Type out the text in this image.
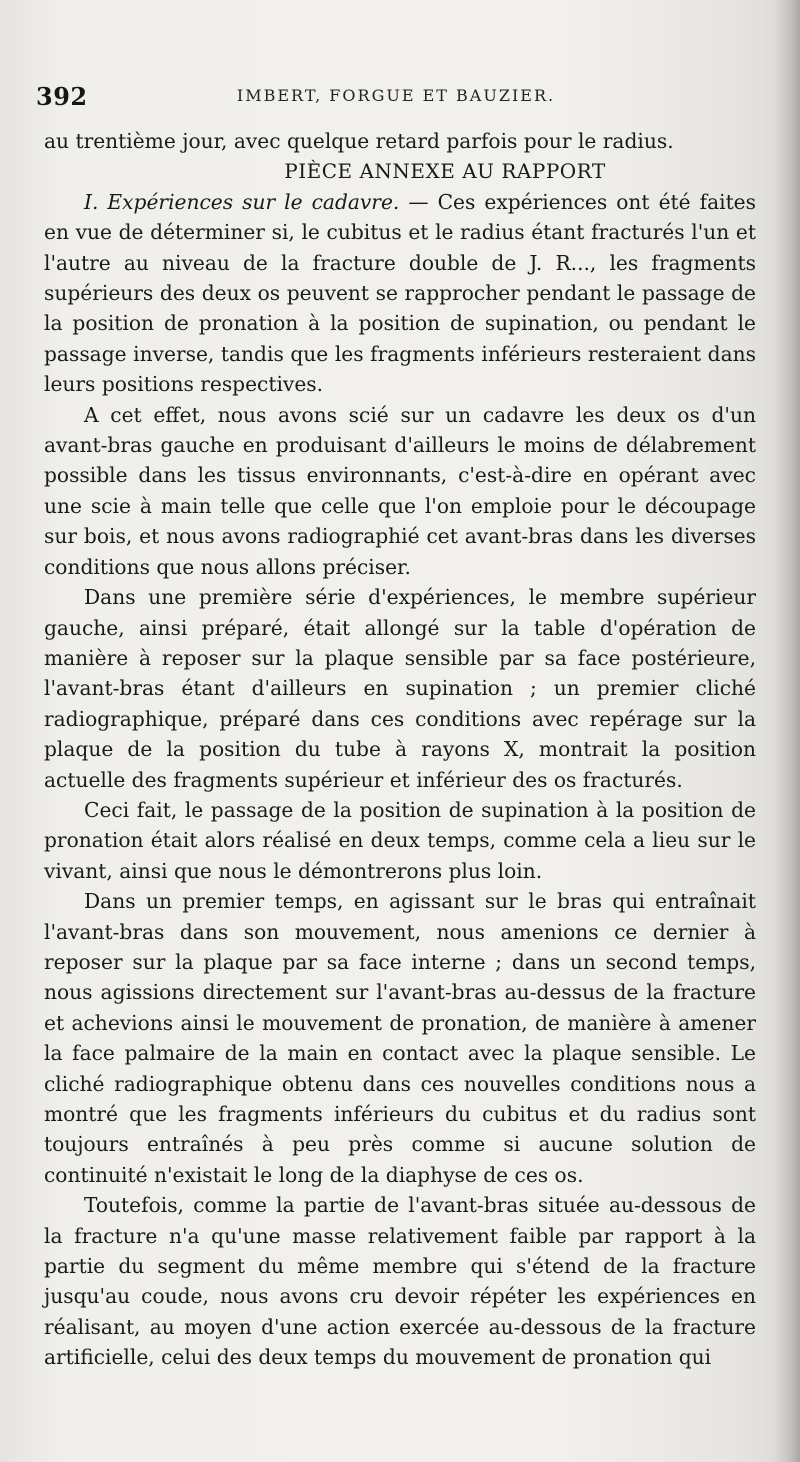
392	IMBERT, FORGUE ET BAUZIER.

au trentième jour, avec quelque retard parfois pour le radius.

PIÈCE ANNEXE AU RAPPORT

I. Expériences sur le cadavre. — Ces expériences ont été faites en vue de déterminer si, le cubitus et le radius étant fracturés l'un et l'autre au niveau de la fracture double de J. R..., les fragments supérieurs des deux os peuvent se rapprocher pendant le passage de la position de pronation à la position de supination, ou pendant le passage inverse, tandis que les fragments inférieurs resteraient dans leurs positions respectives.

A cet effet, nous avons scié sur un cadavre les deux os d'un avant-bras gauche en produisant d'ailleurs le moins de délabrement possible dans les tissus environnants, c'est-à-dire en opérant avec une scie à main telle que celle que l'on emploie pour le découpage sur bois, et nous avons radiographié cet avant-bras dans les diverses conditions que nous allons préciser.

Dans une première série d'expériences, le membre supérieur gauche, ainsi préparé, était allongé sur la table d'opération de manière à reposer sur la plaque sensible par sa face postérieure, l'avant-bras étant d'ailleurs en supination ; un premier cliché radiographique, préparé dans ces conditions avec repérage sur la plaque de la position du tube à rayons X, montrait la position actuelle des fragments supérieur et inférieur des os fracturés.

Ceci fait, le passage de la position de supination à la position de pronation était alors réalisé en deux temps, comme cela a lieu sur le vivant, ainsi que nous le démontrerons plus loin.

Dans un premier temps, en agissant sur le bras qui entraînait l'avant-bras dans son mouvement, nous amenions ce dernier à reposer sur la plaque par sa face interne ; dans un second temps, nous agissions directement sur l'avant-bras au-dessus de la fracture et achevions ainsi le mouvement de pronation, de manière à amener la face palmaire de la main en contact avec la plaque sensible. Le cliché radiographique obtenu dans ces nouvelles conditions nous a montré que les fragments inférieurs du cubitus et du radius sont toujours entraînés à peu près comme si aucune solution de continuité n'existait le long de la diaphyse de ces os.

Toutefois, comme la partie de l'avant-bras située au-dessous de la fracture n'a qu'une masse relativement faible par rapport à la partie du segment du même membre qui s'étend de la fracture jusqu'au coude, nous avons cru devoir répéter les expériences en réalisant, au moyen d'une action exercée au-dessous de la fracture artificielle, celui des deux temps du mouvement de pronation qui
